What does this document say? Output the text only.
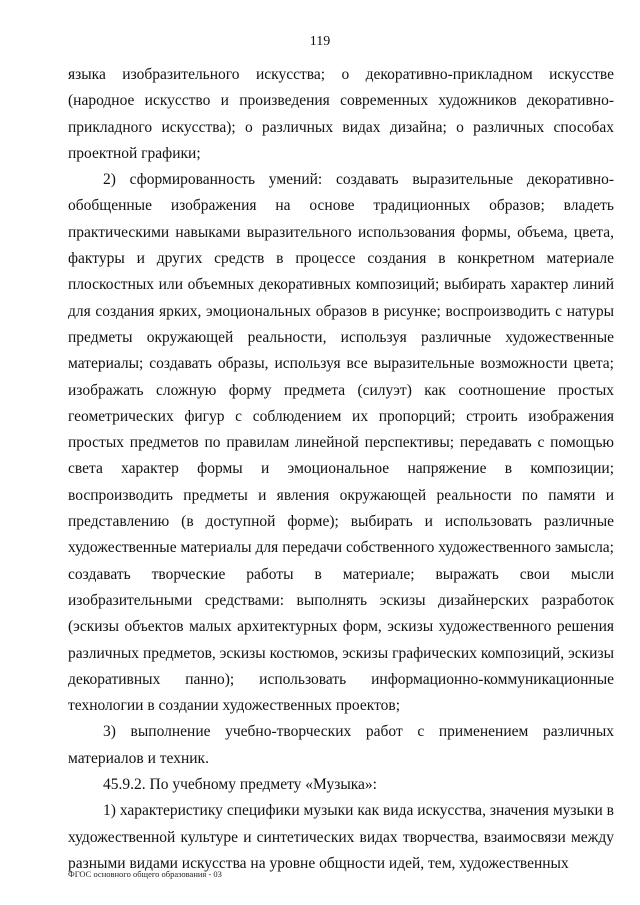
119

языка изобразительного искусства; о декоративно-прикладном искусстве (народное искусство и произведения современных художников декоративно-прикладного искусства); о различных видах дизайна; о различных способах проектной графики;

2) сформированность умений: создавать выразительные декоративно-обобщенные изображения на основе традиционных образов; владеть практическими навыками выразительного использования формы, объема, цвета, фактуры и других средств в процессе создания в конкретном материале плоскостных или объемных декоративных композиций; выбирать характер линий для создания ярких, эмоциональных образов в рисунке; воспроизводить с натуры предметы окружающей реальности, используя различные художественные материалы; создавать образы, используя все выразительные возможности цвета; изображать сложную форму предмета (силуэт) как соотношение простых геометрических фигур с соблюдением их пропорций; строить изображения простых предметов по правилам линейной перспективы; передавать с помощью света характер формы и эмоциональное напряжение в композиции; воспроизводить предметы и явления окружающей реальности по памяти и представлению (в доступной форме); выбирать и использовать различные художественные материалы для передачи собственного художественного замысла; создавать творческие работы в материале; выражать свои мысли изобразительными средствами: выполнять эскизы дизайнерских разработок (эскизы объектов малых архитектурных форм, эскизы художественного решения различных предметов, эскизы костюмов, эскизы графических композиций, эскизы декоративных панно); использовать информационно-коммуникационные технологии в создании художественных проектов;

3) выполнение учебно-творческих работ с применением различных материалов и техник.

45.9.2. По учебному предмету «Музыка»:

1) характеристику специфики музыки как вида искусства, значения музыки в художественной культуре и синтетических видах творчества, взаимосвязи между разными видами искусства на уровне общности идей, тем, художественных

ФГОС основного общего образования - 03
